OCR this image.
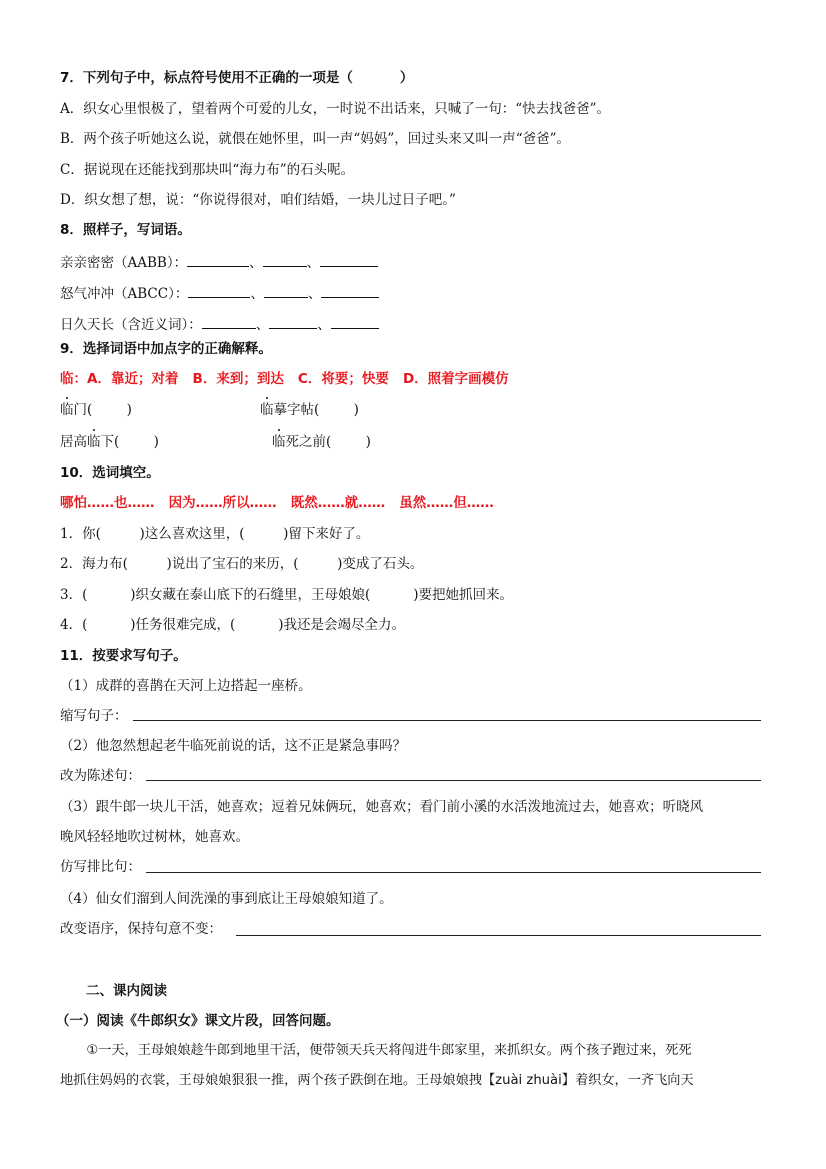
7．下列句子中，标点符号使用不正确的一项是（          ）
A．织女心里恨极了，望着两个可爱的儿女，一时说不出话来，只喊了一句：“快去找爸爸”。
B．两个孩子听她这么说，就偎在她怀里，叫一声“妈妈”，回过头来又叫一声“爸爸”。
C．据说现在还能找到那块叫“海力布”的石头呢。
D．织女想了想，说：“你说得很对，咱们结婚，一块儿过日子吧。”
8．照样子，写词语。
亲亲密密（AABB）：	、	、
怒气冲冲（ABCC）：	、	、
日久天长（含近义词）：	、	、
9．选择词语中加点字的正确解释。
临：A．靠近；对着   B．来到；到达   C．将要；快要   D．照着字画模仿
临门(        )	临摹字帖(        )
居高临下(        )	临死之前(        )
10．选词填空。
哪怕……也……   因为……所以……   既然……就……   虽然……但……
1．你(         )这么喜欢这里，(         )留下来好了。
2．海力布(         )说出了宝石的来历，(         )变成了石头。
3．(          )织女藏在泰山底下的石缝里，王母娘娘(          )要把她抓回来。
4．(          )任务很难完成，(          )我还是会竭尽全力。
11．按要求写句子。
（1）成群的喜鹊在天河上边搭起一座桥。
缩写句子：
（2）他忽然想起老牛临死前说的话，这不正是紧急事吗？
改为陈述句：
（3）跟牛郎一块儿干活，她喜欢；逗着兄妹俩玩，她喜欢；看门前小溪的水活泼地流过去，她喜欢；听晓风
晚风轻轻地吹过树林，她喜欢。
仿写排比句：
（4）仙女们溜到人间洗澡的事到底让王母娘娘知道了。
改变语序，保持句意不变：
二、课内阅读
（一）阅读《牛郎织女》课文片段，回答问题。
　　①一天，王母娘娘趁牛郎到地里干活，便带领天兵天将闯进牛郎家里，来抓织女。两个孩子跑过来，死死
地抓住妈妈的衣裳，王母娘娘狠狠一推，两个孩子跌倒在地。王母娘娘拽【zuài zhuài】着织女，一齐飞向天
